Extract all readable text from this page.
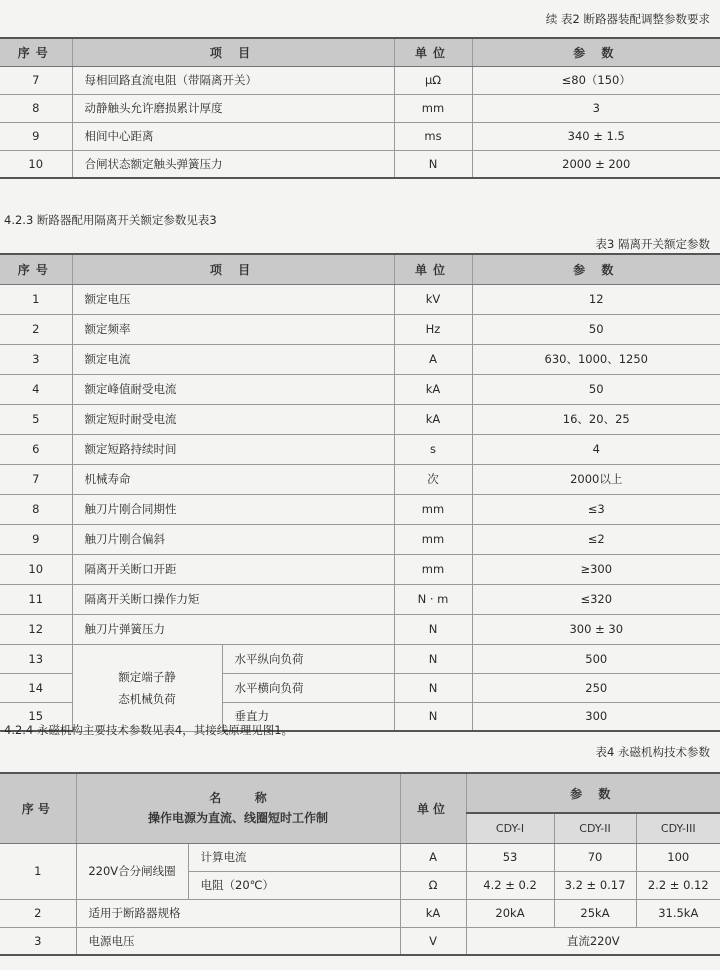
续 表2 断路器装配调整参数要求
序号	项 目	单位	参 数
7	每相回路直流电阻（带隔离开关）	μΩ	≤80（150）
8	动静触头允许磨损累计厚度	mm	3
9	相间中心距离	ms	340 ± 1.5
10	合闸状态额定触头弹簧压力	N	2000 ± 200
4.2.3 断路器配用隔离开关额定参数见表3
表3 隔离开关额定参数
序号	项 目		单位	参 数
1	额定电压		kV	12
2	额定频率		Hz	50
3	额定电流		A	630、1000、1250
4	额定峰值耐受电流		kA	50
5	额定短时耐受电流		kA	16、20、25
6	额定短路持续时间		s	4
7	机械寿命		次	2000以上
8	触刀片刚合同期性		mm	≤3
9	触刀片刚合偏斜		mm	≤2
10	隔离开关断口开距		mm	≥300
11	隔离开关断口操作力矩		N · m	≤320
12	触刀片弹簧压力		N	300 ± 30
13	额定端子静
态机械负荷	水平纵向负荷	N	500
14		水平横向负荷	N	250
15		垂直力	N	300
4.2.4 永磁机构主要技术参数见表4，其接线原理见图1。
表4 永磁机构技术参数
序号	名        称
操作电源为直流、线圈短时工作制		单位	参 数		
				CDY-I	CDY-II	CDY-III
1	220V合分闸线圈	计算电流	A	53	70	100
		电阻（20℃）	Ω	4.2 ± 0.2	3.2 ± 0.17	2.2 ± 0.12
2	适用于断路器规格		kA	20kA	25kA	31.5kA
3	电源电压		V	直流220V		
